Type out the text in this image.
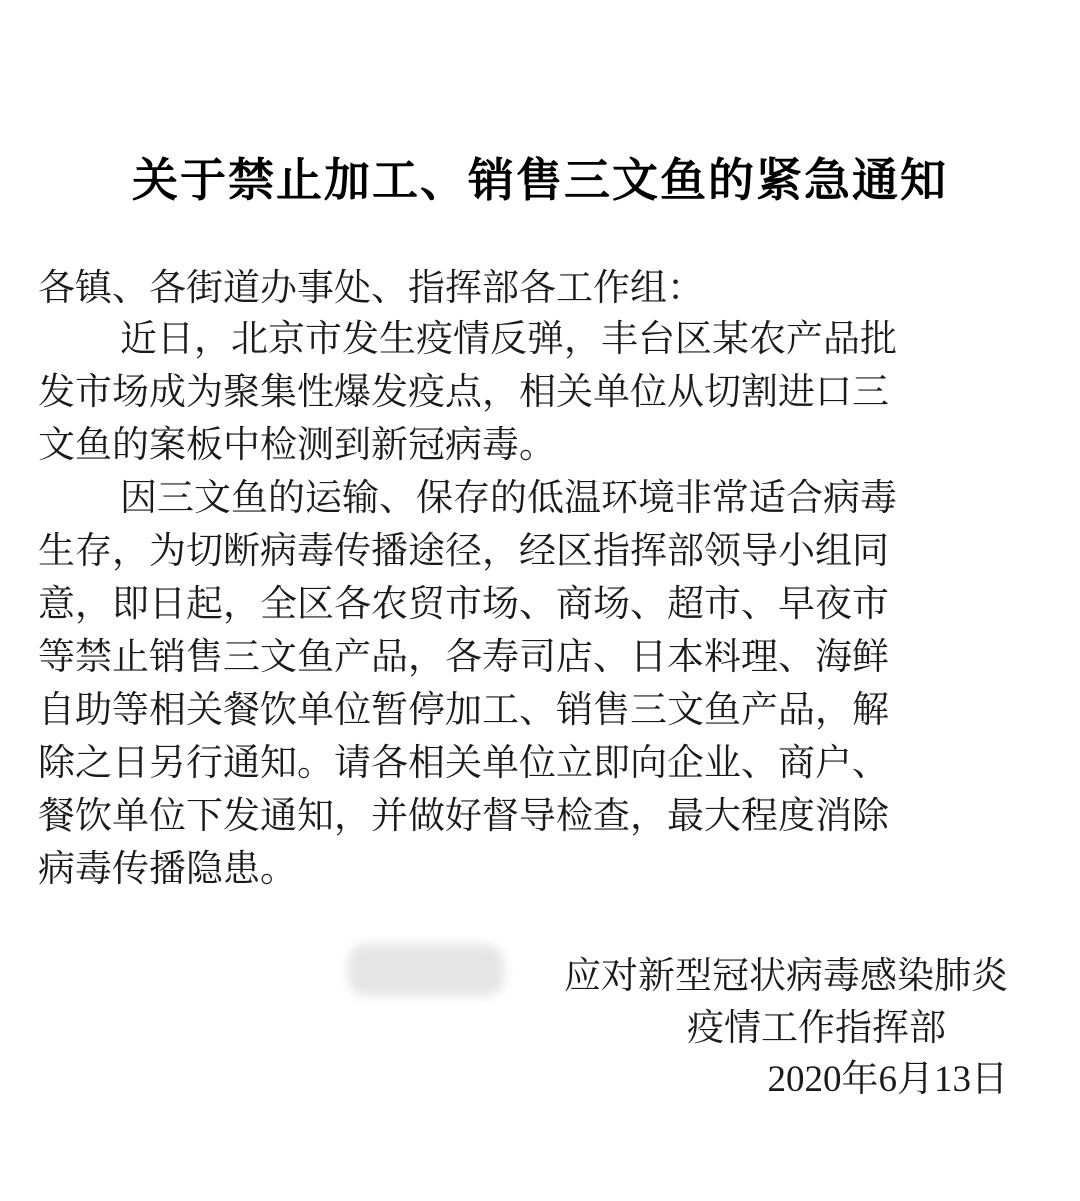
关于禁止加工、销售三文鱼的紧急通知
各镇、各街道办事处、指挥部各工作组：
近日，北京市发生疫情反弹，丰台区某农产品批
发市场成为聚集性爆发疫点，相关单位从切割进口三
文鱼的案板中检测到新冠病毒。
因三文鱼的运输、保存的低温环境非常适合病毒
生存，为切断病毒传播途径，经区指挥部领导小组同
意，即日起，全区各农贸市场、商场、超市、早夜市
等禁止销售三文鱼产品，各寿司店、日本料理、海鲜
自助等相关餐饮单位暂停加工、销售三文鱼产品，解
除之日另行通知。请各相关单位立即向企业、商户、
餐饮单位下发通知，并做好督导检查，最大程度消除
病毒传播隐患。
应对新型冠状病毒感染肺炎
疫情工作指挥部
2020年6月13日
